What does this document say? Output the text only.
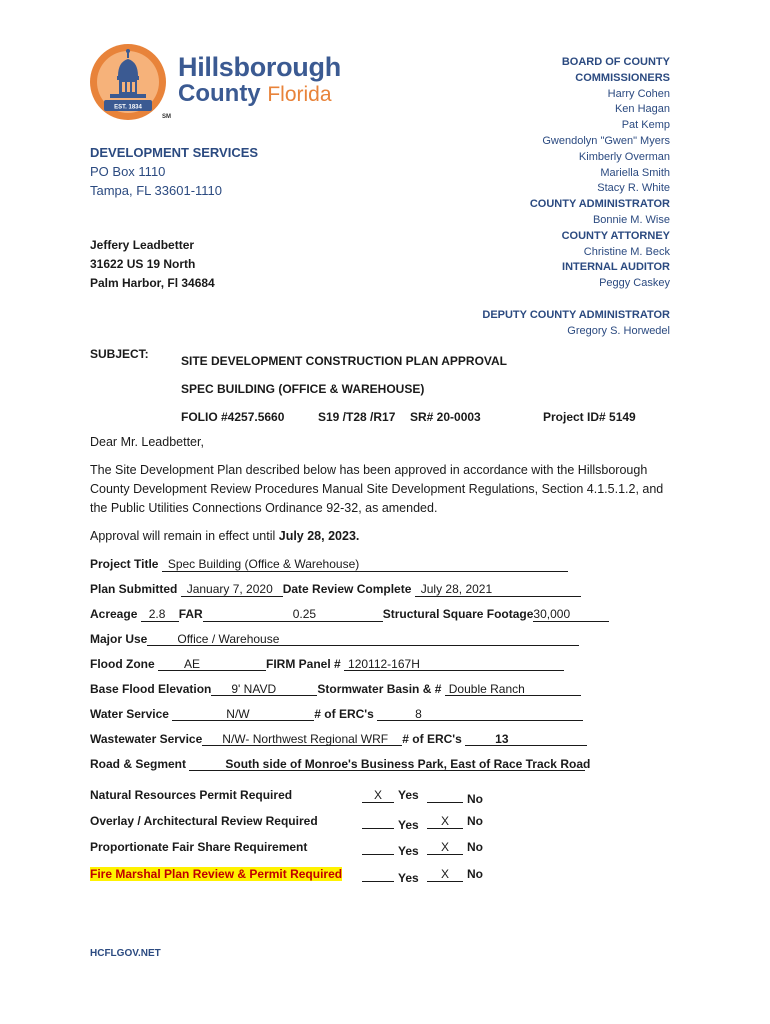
EST. 1834
Hillsborough
County Florida
SM
BOARD OF COUNTY
COMMISSIONERS
Harry Cohen
Ken Hagan
Pat Kemp
Gwendolyn "Gwen" Myers
Kimberly Overman
Mariella Smith
Stacy R. White
COUNTY ADMINISTRATOR
Bonnie M. Wise
COUNTY ATTORNEY
Christine M. Beck
INTERNAL AUDITOR
Peggy Caskey
DEPUTY COUNTY ADMINISTRATOR
Gregory S. Horwedel
DEVELOPMENT SERVICES
PO Box 1110
Tampa, FL 33601-1110
Jeffery Leadbetter
31622 US 19 North
Palm Harbor, Fl 34684
SUBJECT:	SITE DEVELOPMENT CONSTRUCTION PLAN APPROVAL
SPEC BUILDING (OFFICE & WAREHOUSE)
FOLIO #4257.5660	S19 /T28 /R17 SR# 20-0003	Project ID# 5149

Dear Mr. Leadbetter,

The Site Development Plan described below has been approved in accordance with the Hillsborough County Development Review Procedures Manual Site Development Regulations, Section 4.1.5.1.2, and the Public Utilities Connections Ordinance 92-32, as amended.

Approval will remain in effect until July 28, 2023.

Project Title Spec Building (Office & Warehouse)
Plan Submitted January 7, 2020 Date Review Complete July 28, 2021
Acreage 2.8 FAR	0.25	Structural Square Footage30,000
Major Use	Office / Warehouse
Flood Zone AE	FIRM Panel # 120112-167H
Base Flood Elevation 9' NAVD	Stormwater Basin & # Double Ranch
Water Service	N/W	# of ERC's	8
Wastewater Service N/W- Northwest Regional WRF # of ERC's	13
Road & Segment	South side of Monroe's Business Park, East of Race Track Road
Natural Resources Permit Required	X Yes	No
Overlay / Architectural Review Required	Yes	X No
Proportionate Fair Share Requirement	Yes	X No
Fire Marshal Plan Review & Permit Required	Yes	X No
HCFLGOV.NET
